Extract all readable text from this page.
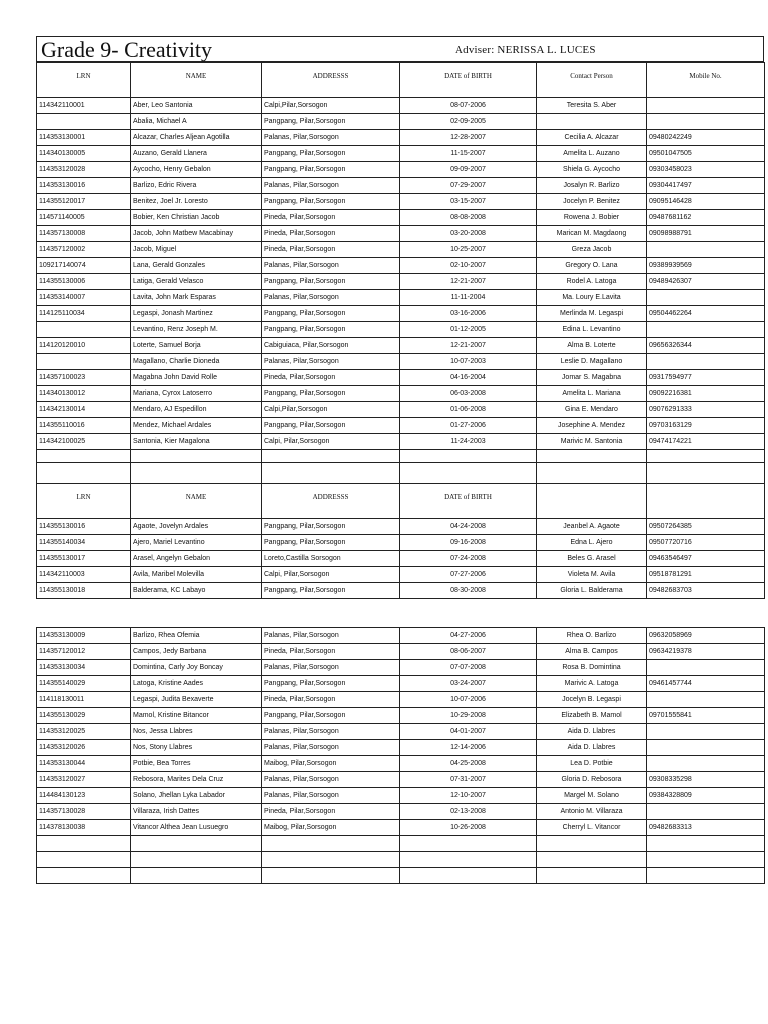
Grade 9- Creativity	Adviser: NERISSA L. LUCES
LRN	NAME	ADDRESSS	DATE of BIRTH	Contact Person	Mobile No.
114342110001	Aber, Leo Santonia	Calpi,Pilar,Sorsogon	08-07-2006	Teresita S. Aber	
	Abalia, Michael A	Pangpang, Pilar,Sorsogon	02-09-2005		
114353130001	Alcazar, Charles Aljean Agotilla	Palanas, Pilar,Sorsogon	12-28-2007	Cecilia A. Alcazar	09480242249
114340130005	Auzano, Gerald Llanera	Pangpang, Pilar,Sorsogon	11-15-2007	Amelita L. Auzano	09501047505
114353120028	Aycocho, Henry Gebalon	Pangpang, Pilar,Sorsogon	09-09-2007	Shiela G. Aycocho	09303458023
114353130016	Barlizo, Edric Rivera	Palanas, Pilar,Sorsogon	07-29-2007	Josalyn R. Barlizo	09304417497
114355120017	Benitez, Joel Jr. Loresto	Pangpang, Pilar,Sorsogon	03-15-2007	Jocelyn P. Benitez	09095146428
114571140005	Bobier, Ken Christian Jacob	Pineda, Pilar,Sorsogon	08-08-2008	Rowena J. Bobier	09487681162
114357130008	Jacob, John Matbew Macabinay	Pineda, Pilar,Sorsogon	03-20-2008	Marican M. Magdaong	09098988791
114357120002	Jacob, Miguel	Pineda, Pilar,Sorsogon	10-25-2007	Greza Jacob	
109217140074	Lana, Gerald Gonzales	Palanas, Pilar,Sorsogon	02-10-2007	Gregory O. Lana	09389939569
114355130006	Latiga, Gerald Velasco	Pangpang, Pilar,Sorsogon	12-21-2007	Rodel A. Latoga	09489426307
114353140007	Lavita, John Mark Esparas	Palanas, Pilar,Sorsogon	11-11-2004	Ma. Loury E.Lavita	
114125110034	Legaspi, Jonash Martinez	Pangpang, Pilar,Sorsogon	03-16-2006	Merlinda M. Legaspi	09504462264
	Levantino, Renz Joseph M.	Pangpang, Pilar,Sorsogon	01-12-2005	Edina L. Levantino	
114120120010	Loterte, Samuel Borja	Cabiguiaca, Pilar,Sorsogon	12-21-2007	Alma B. Loterte	09656326344
	Magallano, Charlie Dioneda	Palanas, Pilar,Sorsogon	10-07-2003	Leslie D. Magallano	
114357100023	Magabna John David Rolle	Pineda, Pilar,Sorsogon	04-16-2004	Jomar S. Magabna	09317594977
114340130012	Mariana, Cyrox Latoserro	Pangpang, Pilar,Sorsogon	06-03-2008	Amelita L. Mariana	09092216381
114342130014	Mendaro, AJ Espedillon	Calpi,Pilar,Sorsogon	01-06-2008	Gina E. Mendaro	09076291333
114355110016	Mendez, Michael Ardales	Pangpang, Pilar,Sorsogon	01-27-2006	Josephine A. Mendez	09703163129
114342100025	Santonia, Kier Magalona	Calpi, Pilar,Sorsogon	11-24-2003	Marivic M. Santonia	09474174221

LRN	NAME	ADDRESSS	DATE of BIRTH		
114355130016	Agaote, Jovelyn Ardales	Pangpang, Pilar,Sorsogon	04-24-2008	Jeanbel A. Agaote	09507264385
114355140034	Ajero, Mariel Levantino	Pangpang, Pilar,Sorsogon	09-16-2008	Edna L. Ajero	09507720716
114355130017	Arasel, Angelyn Gebalon	Loreto,Castilla Sorsogon	07-24-2008	Beles G. Arasel	09463546497
114342110003	Avila, Maribel Molevilla	Calpi, Pilar,Sorsogon	07-27-2006	Violeta M. Avila	09518781291
114355130018	Balderama, KC Labayo	Pangpang, Pilar,Sorsogon	08-30-2008	Gloria L. Balderama	09482683703
114353130009	Barlizo, Rhea Ofemia	Palanas, Pilar,Sorsogon	04-27-2006	Rhea O. Barlizo	09632058969
114357120012	Campos, Jedy Barbana	Pineda, Pilar,Sorsogon	08-06-2007	Alma B. Campos	09634219378
114353130034	Domintina, Carly Joy Boncay	Palanas, Pilar,Sorsogon	07-07-2008	Rosa B. Domintina	
114355140029	Latoga, Kristine Aades	Pangpang, Pilar,Sorsogon	03-24-2007	Marivic A. Latoga	09461457744
114118130011	Legaspi, Judita Bexaverte	Pineda, Pilar,Sorsogon	10-07-2006	Jocelyn B. Legaspi	
114355130029	Mamol, Kristine Bitancor	Pangpang, Pilar,Sorsogon	10-29-2008	Elizabeth B. Mamol	09701555841
114353120025	Nos, Jessa Llabres	Palanas, Pilar,Sorsogon	04-01-2007	Aida D. Llabres	
114353120026	Nos, Stony Llabres	Palanas, Pilar,Sorsogon	12-14-2006	Aida D. Llabres	
114353130044	Potbie, Bea Torres	Maibog, Pilar,Sorsogon	04-25-2008	Lea D. Potbie	
114353120027	Rebosora, Marites Dela Cruz	Palanas, Pilar,Sorsogon	07-31-2007	Gloria D. Rebosora	09308335298
114484130123	Solano, Jhellan Lyka Labador	Palanas, Pilar,Sorsogon	12-10-2007	Margel M. Solano	09384328809
114357130028	Villaraza, Irish Dattes	Pineda, Pilar,Sorsogon	02-13-2008	Antonio M. Villaraza	
114378130038	Vitancor Althea Jean Lusuegro	Maibog, Pilar,Sorsogon	10-26-2008	Cherryl L. Vitancor	09482683313
